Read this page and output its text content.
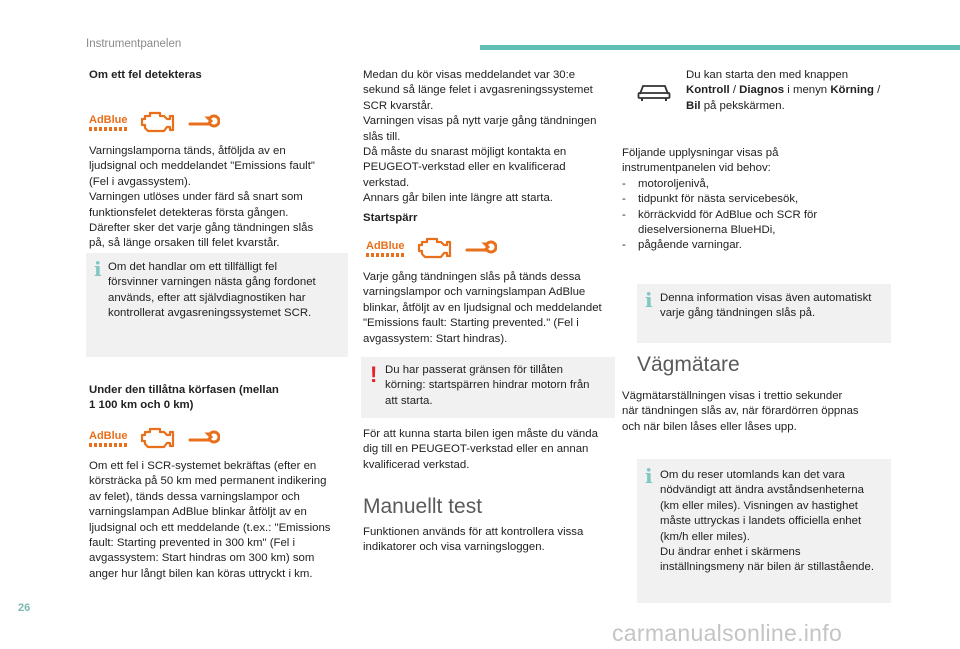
Instrumentpanelen
Om ett fel detekteras
AdBlue
Varningslamporna tänds, åtföljda av en
ljudsignal och meddelandet "Emissions fault"
(Fel i avgassystem).
Varningen utlöses under färd så snart som
funktionsfelet detekteras första gången.
Därefter sker det varje gång tändningen slås
på, så länge orsaken till felet kvarstår.
i Om det handlar om ett tillfälligt fel
försvinner varningen nästa gång fordonet
används, efter att självdiagnostiken har
kontrollerat avgasreningssystemet SCR.
Under den tillåtna körfasen (mellan
1 100 km och 0 km)
AdBlue
Om ett fel i SCR-systemet bekräftas (efter en
körsträcka på 50 km med permanent indikering
av felet), tänds dessa varningslampor och
varningslampan AdBlue blinkar åtföljt av en
ljudsignal och ett meddelande (t.ex.: "Emissions
fault: Starting prevented in 300 km" (Fel i
avgassystem: Start hindras om 300 km) som
anger hur långt bilen kan köras uttryckt i km.
Medan du kör visas meddelandet var 30:e
sekund så länge felet i avgasreningssystemet
SCR kvarstår.
Varningen visas på nytt varje gång tändningen
slås till.
Då måste du snarast möjligt kontakta en
PEUGEOT-verkstad eller en kvalificerad
verkstad.
Annars går bilen inte längre att starta.
Startspärr
AdBlue
Varje gång tändningen slås på tänds dessa
varningslampor och varningslampan AdBlue
blinkar, åtföljt av en ljudsignal och meddelandet
"Emissions fault: Starting prevented." (Fel i
avgassystem: Start hindras).
! Du har passerat gränsen för tillåten
körning: startspärren hindrar motorn från
att starta.
För att kunna starta bilen igen måste du vända
dig till en PEUGEOT-verkstad eller en annan
kvalificerad verkstad.
Manuellt test
Funktionen används för att kontrollera vissa
indikatorer och visa varningsloggen.
Du kan starta den med knappen
Kontroll / Diagnos i menyn Körning /
Bil på pekskärmen.
Följande upplysningar visas på
instrumentpanelen vid behov:
-	motoroljenivå,
-	tidpunkt för nästa servicebesök,
-	körräckvidd för AdBlue och SCR för
dieselversionerna BlueHDi,
-	pågående varningar.
i Denna information visas även automatiskt
varje gång tändningen slås på.
Vägmätare
Vägmätarställningen visas i trettio sekunder
när tändningen slås av, när förardörren öppnas
och när bilen låses eller låses upp.
i Om du reser utomlands kan det vara
nödvändigt att ändra avståndsenheterna
(km eller miles). Visningen av hastighet
måste uttryckas i landets officiella enhet
(km/h eller miles).
Du ändrar enhet i skärmens
inställningsmeny när bilen är stillastående.
26
carmanualsonline.info
